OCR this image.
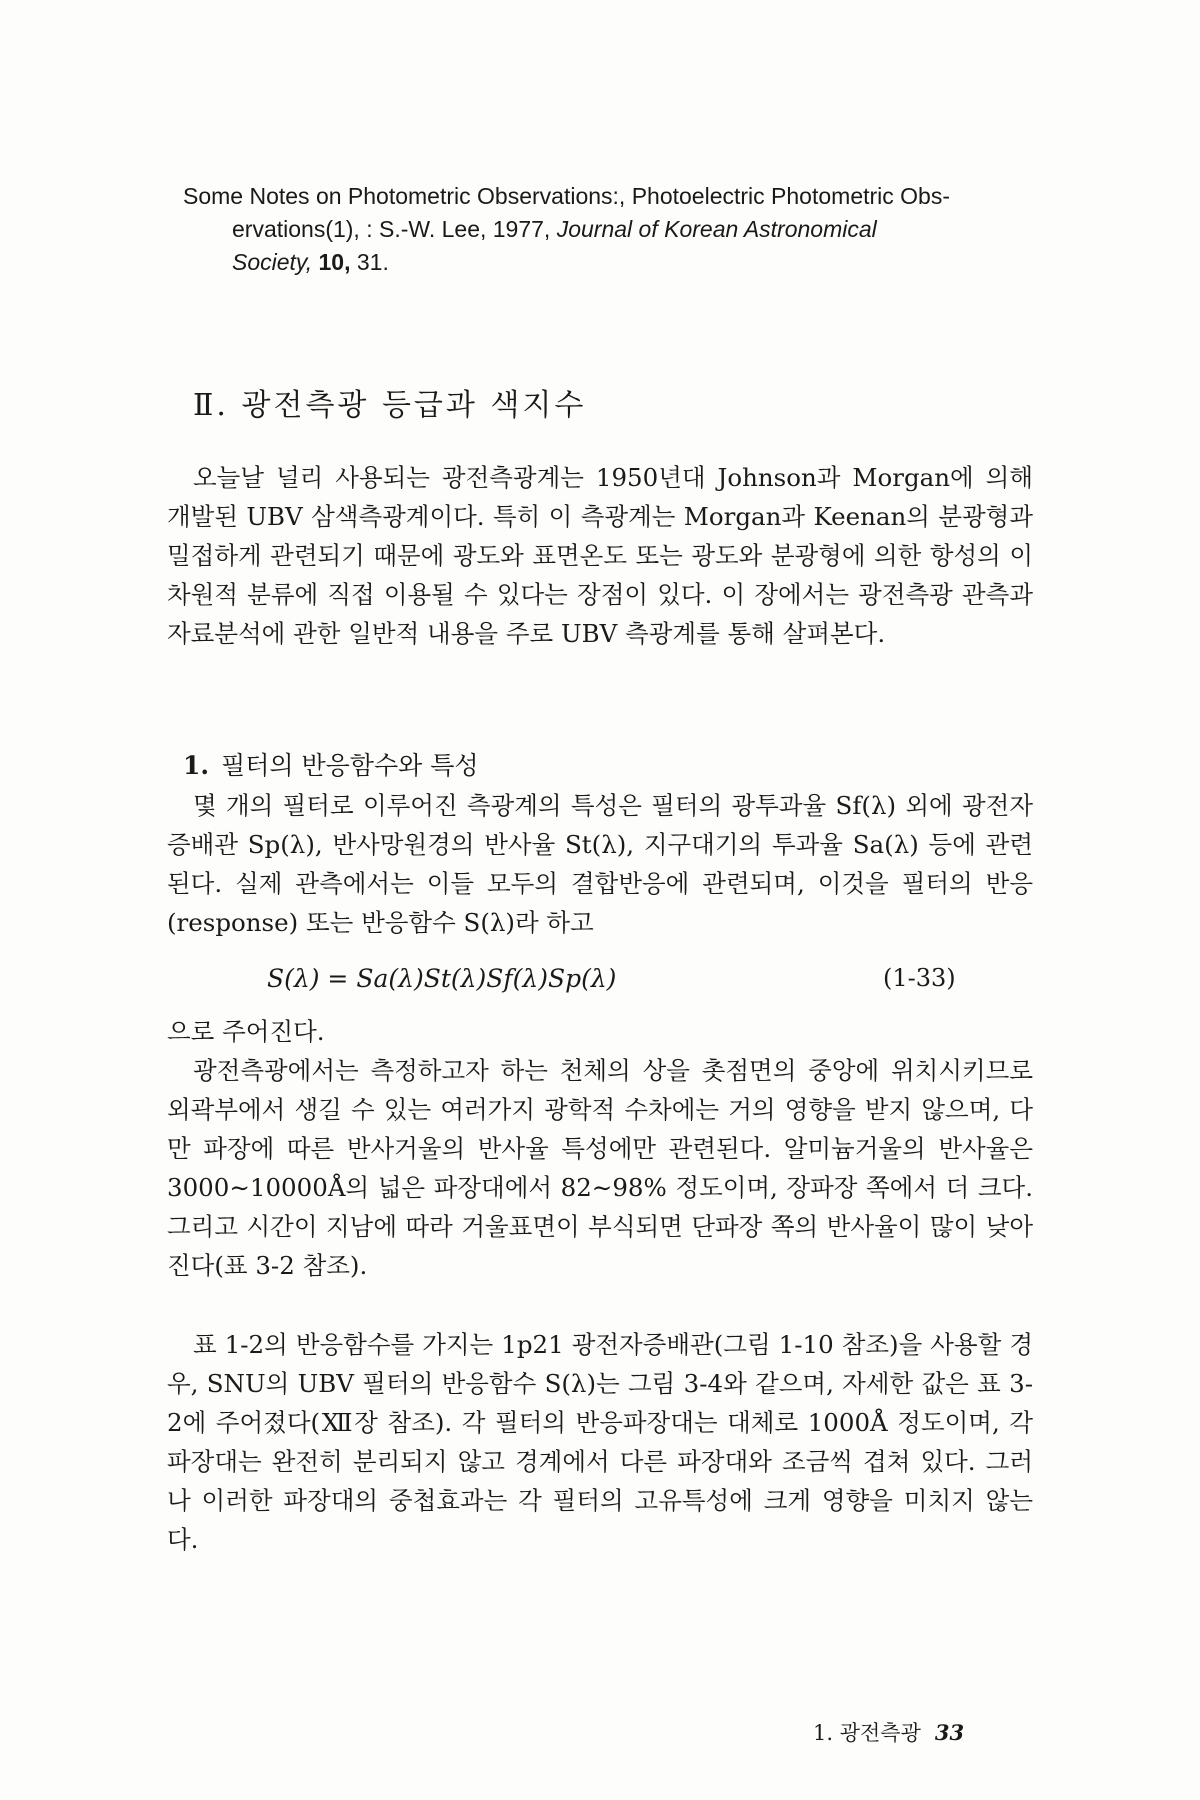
Some Notes on Photometric Observations:, Photoelectric Photometric Obs-
ervations(1), : S.-W. Lee, 1977, Journal of Korean Astronomical
Society, 10, 31.
Ⅱ. 광전측광 등급과 색지수
오늘날 널리 사용되는 광전측광계는 1950년대 Johnson과 Morgan에 의해 개발된 UBV 삼색측광계이다. 특히 이 측광계는 Morgan과 Keenan의 분광형과 밀접하게 관련되기 때문에 광도와 표면온도 또는 광도와 분광형에 의한 항성의 이차원적 분류에 직접 이용될 수 있다는 장점이 있다. 이 장에서는 광전측광 관측과 자료분석에 관한 일반적 내용을 주로 UBV 측광계를 통해 살펴본다.
1. 필터의 반응함수와 특성
몇 개의 필터로 이루어진 측광계의 특성은 필터의 광투과율 Sf(λ) 외에 광전자증배관 Sp(λ), 반사망원경의 반사율 St(λ), 지구대기의 투과율 Sa(λ) 등에 관련된다. 실제 관측에서는 이들 모두의 결합반응에 관련되며, 이것을 필터의 반응(response) 또는 반응함수 S(λ)라 하고
S(λ) = Sa(λ)St(λ)Sf(λ)Sp(λ)	(1-33)
으로 주어진다.
광전측광에서는 측정하고자 하는 천체의 상을 촛점면의 중앙에 위치시키므로 외곽부에서 생길 수 있는 여러가지 광학적 수차에는 거의 영향을 받지 않으며, 다만 파장에 따른 반사거울의 반사율 특성에만 관련된다. 알미늄거울의 반사율은 3000∼10000Å의 넓은 파장대에서 82∼98% 정도이며, 장파장 쪽에서 더 크다. 그리고 시간이 지남에 따라 거울표면이 부식되면 단파장 쪽의 반사율이 많이 낮아진다(표 3-2 참조).
표 1-2의 반응함수를 가지는 1p21 광전자증배관(그림 1-10 참조)을 사용할 경우, SNU의 UBV 필터의 반응함수 S(λ)는 그림 3-4와 같으며, 자세한 값은 표 3-2에 주어졌다(Ⅻ장 참조). 각 필터의 반응파장대는 대체로 1000Å 정도이며, 각 파장대는 완전히 분리되지 않고 경계에서 다른 파장대와 조금씩 겹쳐 있다. 그러나 이러한 파장대의 중첩효과는 각 필터의 고유특성에 크게 영향을 미치지 않는다.
1. 광전측광 33
